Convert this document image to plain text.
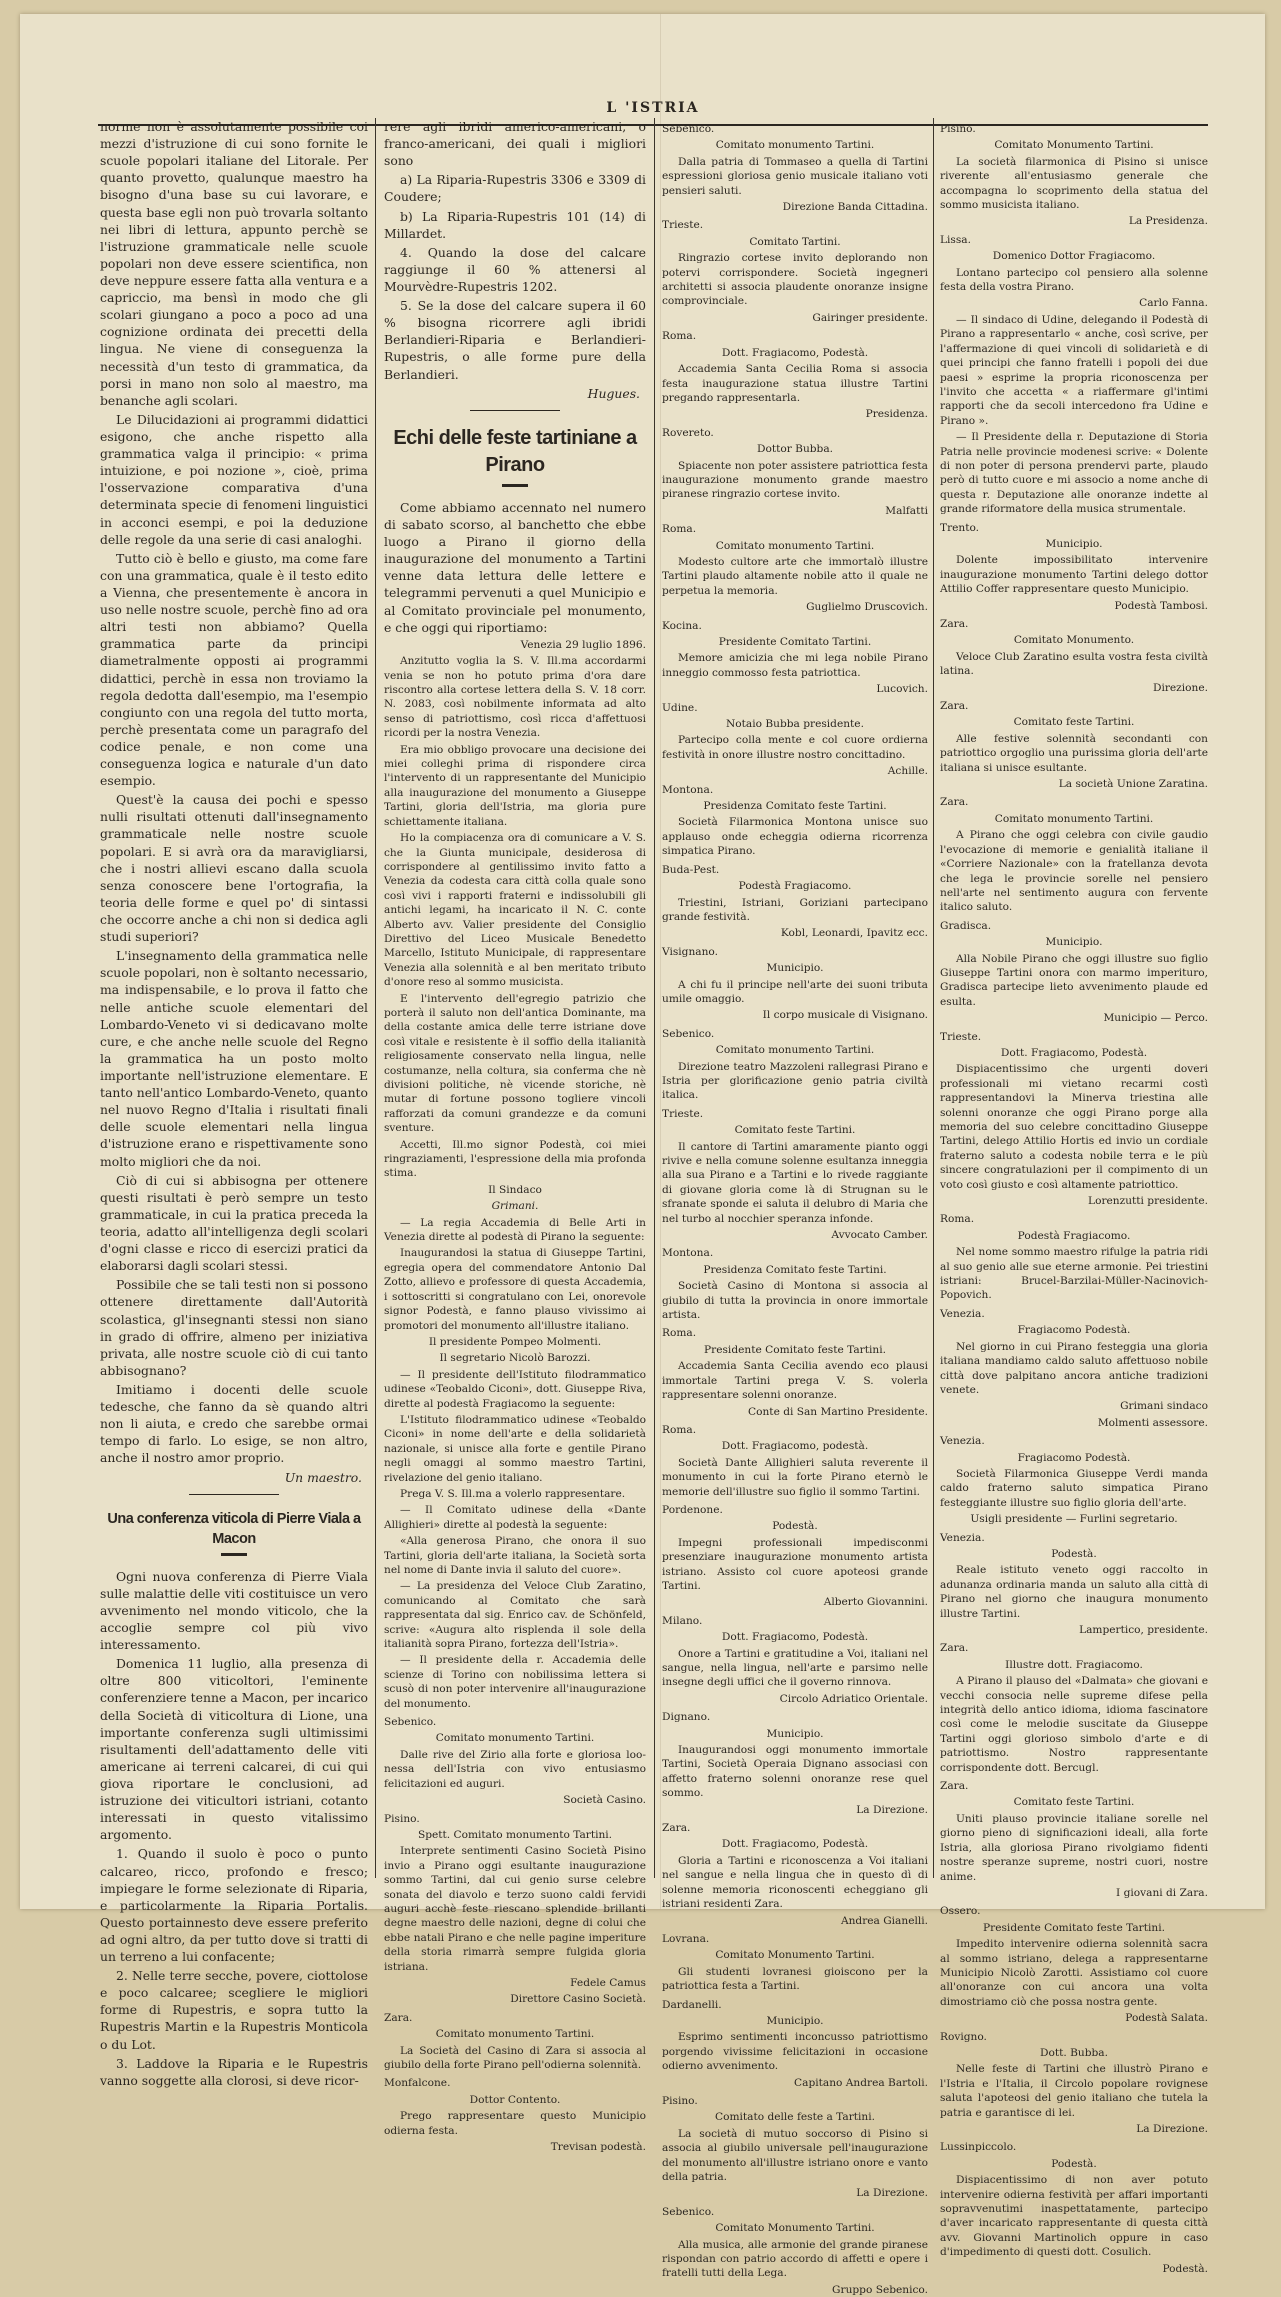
L 'ISTRIA

norme non è assolutamente possibile coi mezzi d'istruzione di cui sono fornite le scuole popolari italiane del Litorale. Per quanto provetto, qualunque maestro ha bisogno d'una base su cui lavorare, e questa base egli non può trovarla soltanto nei libri di lettura, appunto perchè se l'istruzione grammaticale nelle scuole popolari non deve essere scientifica, non deve neppure essere fatta alla ventura e a capriccio, ma bensì in modo che gli scolari giungano a poco a poco ad una cognizione ordinata dei precetti della lingua. Ne viene di conseguenza la necessità d'un testo di grammatica, da porsi in mano non solo al maestro, ma benanche agli scolari.

Le Dilucidazioni ai programmi didattici esigono, che anche rispetto alla grammatica valga il principio: « prima intuizione, e poi nozione », cioè, prima l'osservazione comparativa d'una determinata specie di fenomeni linguistici in acconci esempi, e poi la deduzione delle regole da una serie di casi analoghi.

Tutto ciò è bello e giusto, ma come fare con una grammatica, quale è il testo edito a Vienna, che presentemente è ancora in uso nelle nostre scuole, perchè fino ad ora altri testi non abbiamo? Quella grammatica parte da principi diametralmente opposti ai programmi didattici, perchè in essa non troviamo la regola dedotta dall'esempio, ma l'esempio congiunto con una regola del tutto morta, perchè presentata come un paragrafo del codice penale, e non come una conseguenza logica e naturale d'un dato esempio.

Quest'è la causa dei pochi e spesso nulli risultati ottenuti dall'insegnamento grammaticale nelle nostre scuole popolari. E si avrà ora da maravigliarsi, che i nostri allievi escano dalla scuola senza conoscere bene l'ortografia, la teoria delle forme e quel po' di sintassi che occorre anche a chi non si dedica agli studi superiori?

L'insegnamento della grammatica nelle scuole popolari, non è soltanto necessario, ma indispensabile, e lo prova il fatto che nelle antiche scuole elementari del Lombardo-Veneto vi si dedicavano molte cure, e che anche nelle scuole del Regno la grammatica ha un posto molto importante nell'istruzione elementare. E tanto nell'antico Lombardo-Veneto, quanto nel nuovo Regno d'Italia i risultati finali delle scuole elementari nella lingua d'istruzione erano e rispettivamente sono molto migliori che da noi.

Ciò di cui si abbisogna per ottenere questi risultati è però sempre un testo grammaticale, in cui la pratica preceda la teoria, adatto all'intelligenza degli scolari d'ogni classe e ricco di esercizi pratici da elaborarsi dagli scolari stessi.

Possibile che se tali testi non si possono ottenere direttamente dall'Autorità scolastica, gl'insegnanti stessi non siano in grado di offrire, almeno per iniziativa privata, alle nostre scuole ciò di cui tanto abbisognano?

Imitiamo i docenti delle scuole tedesche, che fanno da sè quando altri non li aiuta, e credo che sarebbe ormai tempo di farlo. Lo esige, se non altro, anche il nostro amor proprio.

Un maestro.

Una conferenza viticola di Pierre Viala a Macon

Ogni nuova conferenza di Pierre Viala sulle malattie delle viti costituisce un vero avvenimento nel mondo viticolo, che la accoglie sempre col più vivo interessamento.

Domenica 11 luglio, alla presenza di oltre 800 viticoltori, l'eminente conferenziere tenne a Macon, per incarico della Società di viticoltura di Lione, una importante conferenza sugli ultimissimi risultamenti dell'adattamento delle viti americane ai terreni calcarei, di cui qui giova riportare le conclusioni, ad istruzione dei viticultori istriani, cotanto interessati in questo vitalissimo argomento.

1. Quando il suolo è poco o punto calcareo, ricco, profondo e fresco; impiegare le forme selezionate di Riparia, e particolarmente la Riparia Portalis. Questo portainnesto deve essere preferito ad ogni altro, da per tutto dove si tratti di un terreno a lui confacente;

2. Nelle terre secche, povere, ciottolose e poco calcaree; scegliere le migliori forme di Rupestris, e sopra tutto la Rupestris Martin e la Rupestris Monticola o du Lot.

3. Laddove la Riparia e le Rupestris vanno soggette alla clorosi, si deve ricor-

rere agli ibridi americo-americani, o franco-americani, dei quali i migliori sono

a) La Riparia-Rupestris 3306 e 3309 di Coudere;

b) La Riparia-Rupestris 101 (14) di Millardet.

4. Quando la dose del calcare raggiunge il 60 % attenersi al Mourvèdre-Rupestris 1202.

5. Se la dose del calcare supera il 60 % bisogna ricorrere agli ibridi Berlandieri-Riparia e Berlandieri-Rupestris, o alle forme pure della Berlandieri.

Hugues.

Echi delle feste tartiniane a Pirano

Come abbiamo accennato nel numero di sabato scorso, al banchetto che ebbe luogo a Pirano il giorno della inaugurazione del monumento a Tartini venne data lettura delle lettere e telegrammi pervenuti a quel Municipio e al Comitato provinciale pel monumento, e che oggi qui riportiamo:

Venezia 29 luglio 1896.

Anzitutto voglia la S. V. Ill.ma accordarmi venia se non ho potuto prima d'ora dare riscontro alla cortese lettera della S. V. 18 corr. N. 2083, così nobilmente informata ad alto senso di patriottismo, così ricca d'affettuosi ricordi per la nostra Venezia.

Era mio obbligo provocare una decisione dei miei colleghi prima di rispondere circa l'intervento di un rappresentante del Municipio alla inaugurazione del monumento a Giuseppe Tartini, gloria dell'Istria, ma gloria pure schiettamente italiana.

Ho la compiacenza ora di comunicare a V. S. che la Giunta municipale, desiderosa di corrispondere al gentilissimo invito fatto a Venezia da codesta cara città colla quale sono così vivi i rapporti fraterni e indissolubili gli antichi legami, ha incaricato il N. C. conte Alberto avv. Valier presidente del Consiglio Direttivo del Liceo Musicale Benedetto Marcello, Istituto Municipale, di rappresentare Venezia alla solennità e al ben meritato tributo d'onore reso al sommo musicista.

E l'intervento dell'egregio patrizio che porterà il saluto non dell'antica Dominante, ma della costante amica delle terre istriane dove così vitale e resistente è il soffio della italianità religiosamente conservato nella lingua, nelle costumanze, nella coltura, sia conferma che nè divisioni politiche, nè vicende storiche, nè mutar di fortune possono togliere vincoli rafforzati da comuni grandezze e da comuni sventure.

Accetti, Ill.mo signor Podestà, coi miei ringraziamenti, l'espressione della mia profonda stima.

Il Sindaco

Grimani.

— La regia Accademia di Belle Arti in Venezia dirette al podestà di Pirano la seguente:

Inaugurandosi la statua di Giuseppe Tartini, egregia opera del commendatore Antonio Dal Zotto, allievo e professore di questa Accademia, i sottoscritti si congratulano con Lei, onorevole signor Podestà, e fanno plauso vivissimo ai promotori del monumento all'illustre italiano.

Il presidente Pompeo Molmenti.

Il segretario Nicolò Barozzi.

— Il presidente dell'Istituto filodrammatico udinese «Teobaldo Ciconi», dott. Giuseppe Riva, dirette al podestà Fragiacomo la seguente:

L'Istituto filodrammatico udinese «Teobaldo Ciconi» in nome dell'arte e della solidarietà nazionale, si unisce alla forte e gentile Pirano negli omaggi al sommo maestro Tartini, rivelazione del genio italiano.

Prega V. S. Ill.ma a volerlo rappresentare.

— Il Comitato udinese della «Dante Allighieri» dirette al podestà la seguente:

«Alla generosa Pirano, che onora il suo Tartini, gloria dell'arte italiana, la Società sorta nel nome di Dante invia il saluto del cuore».

— La presidenza del Veloce Club Zaratino, comunicando al Comitato che sarà rappresentata dal sig. Enrico cav. de Schönfeld, scrive: «Augura alto risplenda il sole della italianità sopra Pirano, fortezza dell'Istria».

— Il presidente della r. Accademia delle scienze di Torino con nobilissima lettera si scusò di non poter intervenire all'inaugurazione del monumento.

Sebenico.

Comitato monumento Tartini.

Dalle rive del Zirio alla forte e gloriosa loo-nessa dell'Istria con vivo entusiasmo felicitazioni ed auguri.

Società Casino.

Pisino.

Spett. Comitato monumento Tartini.

Interprete sentimenti Casino Società Pisino invio a Pirano oggi esultante inaugurazione sommo Tartini, dal cui genio surse celebre sonata del diavolo e terzo suono caldi fervidi auguri acchè feste riescano splendide brillanti degne maestro delle nazioni, degne di colui che ebbe natali Pirano e che nelle pagine imperiture della storia rimarrà sempre fulgida gloria istriana.

Fedele Camus

Direttore Casino Società.

Zara.

Comitato monumento Tartini.

La Società del Casino di Zara si associa al giubilo della forte Pirano pell'odierna solennità.

Monfalcone.

Dottor Contento.

Prego rappresentare questo Municipio odierna festa.

Trevisan podestà.

Sebenico.

Comitato monumento Tartini.

Dalla patria di Tommaseo a quella di Tartini espressioni gloriosa genio musicale italiano voti pensieri saluti.

Direzione Banda Cittadina.

Trieste.

Comitato Tartini.

Ringrazio cortese invito deplorando non potervi corrispondere. Società ingegneri architetti si associa plaudente onoranze insigne comprovinciale.

Gairinger presidente.

Roma.

Dott. Fragiacomo, Podestà.

Accademia Santa Cecilia Roma si associa festa inaugurazione statua illustre Tartini pregando rappresentarla.

Presidenza.

Rovereto.

Dottor Bubba.

Spiacente non poter assistere patriottica festa inaugurazione monumento grande maestro piranese ringrazio cortese invito.

Malfatti

Roma.

Comitato monumento Tartini.

Modesto cultore arte che immortalò illustre Tartini plaudo altamente nobile atto il quale ne perpetua la memoria.

Guglielmo Druscovich.

Kocina.

Presidente Comitato Tartini.

Memore amicizia che mi lega nobile Pirano inneggio commosso festa patriottica.

Lucovich.

Udine.

Notaio Bubba presidente.

Partecipo colla mente e col cuore ordierna festività in onore illustre nostro concittadino.

Achille.

Montona.

Presidenza Comitato feste Tartini.

Società Filarmonica Montona unisce suo applauso onde echeggia odierna ricorrenza simpatica Pirano.

Buda-Pest.

Podestà Fragiacomo.

Triestini, Istriani, Goriziani partecipano grande festività.

Kobl, Leonardi, Ipavitz ecc.

Visignano.

Municipio.

A chi fu il principe nell'arte dei suoni tributa umile omaggio.

Il corpo musicale di Visignano.

Sebenico.

Comitato monumento Tartini.

Direzione teatro Mazzoleni rallegrasi Pirano e Istria per glorificazione genio patria civiltà italica.

Trieste.

Comitato feste Tartini.

Il cantore di Tartini amaramente pianto oggi rivive e nella comune solenne esultanza inneggia alla sua Pirano e a Tartini e lo rivede raggiante di giovane gloria come là di Strugnan su le sfranate sponde ei saluta il delubro di Maria che nel turbo al nocchier speranza infonde.

Avvocato Camber.

Montona.

Presidenza Comitato feste Tartini.

Società Casino di Montona si associa al giubilo di tutta la provincia in onore immortale artista.

Roma.

Presidente Comitato feste Tartini.

Accademia Santa Cecilia avendo eco plausi immortale Tartini prega V. S. volerla rappresentare solenni onoranze.

Conte di San Martino Presidente.

Roma.

Dott. Fragiacomo, podestà.

Società Dante Allighieri saluta reverente il monumento in cui la forte Pirano eternò le memorie dell'illustre suo figlio il sommo Tartini.

Pordenone.

Podestà.

Impegni professionali impedisconmi presenziare inaugurazione monumento artista istriano. Assisto col cuore apoteosi grande Tartini.

Alberto Giovannini.

Milano.

Dott. Fragiacomo, Podestà.

Onore a Tartini e gratitudine a Voi, italiani nel sangue, nella lingua, nell'arte e parsimo nelle insegne degli uffici che il governo rinnova.

Circolo Adriatico Orientale.

Dignano.

Municipio.

Inaugurandosi oggi monumento immortale Tartini, Società Operaia Dignano associasi con affetto fraterno solenni onoranze rese quel sommo.

La Direzione.

Zara.

Dott. Fragiacomo, Podestà.

Gloria a Tartini e riconoscenza a Voi italiani nel sangue e nella lingua che in questo dì di solenne memoria riconoscenti echeggiano gli istriani residenti Zara.

Andrea Gianelli.

Lovrana.

Comitato Monumento Tartini.

Gli studenti lovranesi gioiscono per la patriottica festa a Tartini.

Dardanelli.

Municipio.

Esprimo sentimenti inconcusso patriottismo porgendo vivissime felicitazioni in occasione odierno avvenimento.

Capitano Andrea Bartoli.

Pisino.

Comitato delle feste a Tartini.

La società di mutuo soccorso di Pisino si associa al giubilo universale pell'inaugurazione del monumento all'illustre istriano onore e vanto della patria.

La Direzione.

Sebenico.

Comitato Monumento Tartini.

Alla musica, alle armonie del grande piranese rispondan con patrio accordo di affetti e opere i fratelli tutti della Lega.

Gruppo Sebenico.

Pisino.

Comitato Monumento Tartini.

La società filarmonica di Pisino si unisce riverente all'entusiasmo generale che accompagna lo scoprimento della statua del sommo musicista italiano.

La Presidenza.

Lissa.

Domenico Dottor Fragiacomo.

Lontano partecipo col pensiero alla solenne festa della vostra Pirano.

Carlo Fanna.

— Il sindaco di Udine, delegando il Podestà di Pirano a rappresentarlo « anche, così scrive, per l'affermazione di quei vincoli di solidarietà e di quei principi che fanno fratelli i popoli dei due paesi » esprime la propria riconoscenza per l'invito che accetta « a riaffermare gl'intimi rapporti che da secoli intercedono fra Udine e Pirano ».

— Il Presidente della r. Deputazione di Storia Patria nelle provincie modenesi scrive: « Dolente di non poter di persona prendervi parte, plaudo però di tutto cuore e mi associo a nome anche di questa r. Deputazione alle onoranze indette al grande riformatore della musica strumentale.

Trento.

Municipio.

Dolente impossibilitato intervenire inaugurazione monumento Tartini delego dottor Attilio Coffer rappresentare questo Municipio.

Podestà Tambosi.

Zara.

Comitato Monumento.

Veloce Club Zaratino esulta vostra festa civiltà latina.

Direzione.

Zara.

Comitato feste Tartini.

Alle festive solennità secondanti con patriottico orgoglio una purissima gloria dell'arte italiana si unisce esultante.

La società Unione Zaratina.

Zara.

Comitato monumento Tartini.

A Pirano che oggi celebra con civile gaudio l'evocazione di memorie e genialità italiane il «Corriere Nazionale» con la fratellanza devota che lega le provincie sorelle nel pensiero nell'arte nel sentimento augura con fervente italico saluto.

Gradisca.

Municipio.

Alla Nobile Pirano che oggi illustre suo figlio Giuseppe Tartini onora con marmo imperituro, Gradisca partecipe lieto avvenimento plaude ed esulta.

Municipio — Perco.

Trieste.

Dott. Fragiacomo, Podestà.

Dispiacentissimo che urgenti doveri professionali mi vietano recarmi costì rappresentandovi la Minerva triestina alle solenni onoranze che oggi Pirano porge alla memoria del suo celebre concittadino Giuseppe Tartini, delego Attilio Hortis ed invio un cordiale fraterno saluto a codesta nobile terra e le più sincere congratulazioni per il compimento di un voto così giusto e così altamente patriottico.

Lorenzutti presidente.

Roma.

Podestà Fragiacomo.

Nel nome sommo maestro rifulge la patria ridi al suo genio alle sue eterne armonie. Pei triestini istriani: Brucel-Barzilai-Müller-Nacinovich-Popovich.

Venezia.

Fragiacomo Podestà.

Nel giorno in cui Pirano festeggia una gloria italiana mandiamo caldo saluto affettuoso nobile città dove palpitano ancora antiche tradizioni venete.

Grimani sindaco

Molmenti assessore.

Venezia.

Fragiacomo Podestà.

Società Filarmonica Giuseppe Verdi manda caldo fraterno saluto simpatica Pirano festeggiante illustre suo figlio gloria dell'arte.

Usigli presidente — Furlini segretario.

Venezia.

Podestà.

Reale istituto veneto oggi raccolto in adunanza ordinaria manda un saluto alla città di Pirano nel giorno che inaugura monumento illustre Tartini.

Lampertico, presidente.

Zara.

Illustre dott. Fragiacomo.

A Pirano il plauso del «Dalmata» che giovani e vecchi consocia nelle supreme difese pella integrità dello antico idioma, idioma fascinatore così come le melodie suscitate da Giuseppe Tartini oggi glorioso simbolo d'arte e di patriottismo. Nostro rappresentante corrispondente dott. Bercugl.

Zara.

Comitato feste Tartini.

Uniti plauso provincie italiane sorelle nel giorno pieno di significazioni ideali, alla forte Istria, alla gloriosa Pirano rivolgiamo fidenti nostre speranze supreme, nostri cuori, nostre anime.

I giovani di Zara.

Ossero.

Presidente Comitato feste Tartini.

Impedito intervenire odierna solennità sacra al sommo istriano, delega a rappresentarne Municipio Nicolò Zarotti. Assistiamo col cuore all'onoranze con cui ancora una volta dimostriamo ciò che possa nostra gente.

Podestà Salata.

Rovigno.

Dott. Bubba.

Nelle feste di Tartini che illustrò Pirano e l'Istria e l'Italia, il Circolo popolare rovignese saluta l'apoteosi del genio italiano che tutela la patria e garantisce di lei.

La Direzione.

Lussinpiccolo.

Podestà.

Dispiacentissimo di non aver potuto intervenire odierna festività per affari importanti sopravvenutimi inaspettatamente, partecipo d'aver incaricato rappresentante di questa città avv. Giovanni Martinolich oppure in caso d'impedimento di questi dott. Cosulich.

Podestà.
